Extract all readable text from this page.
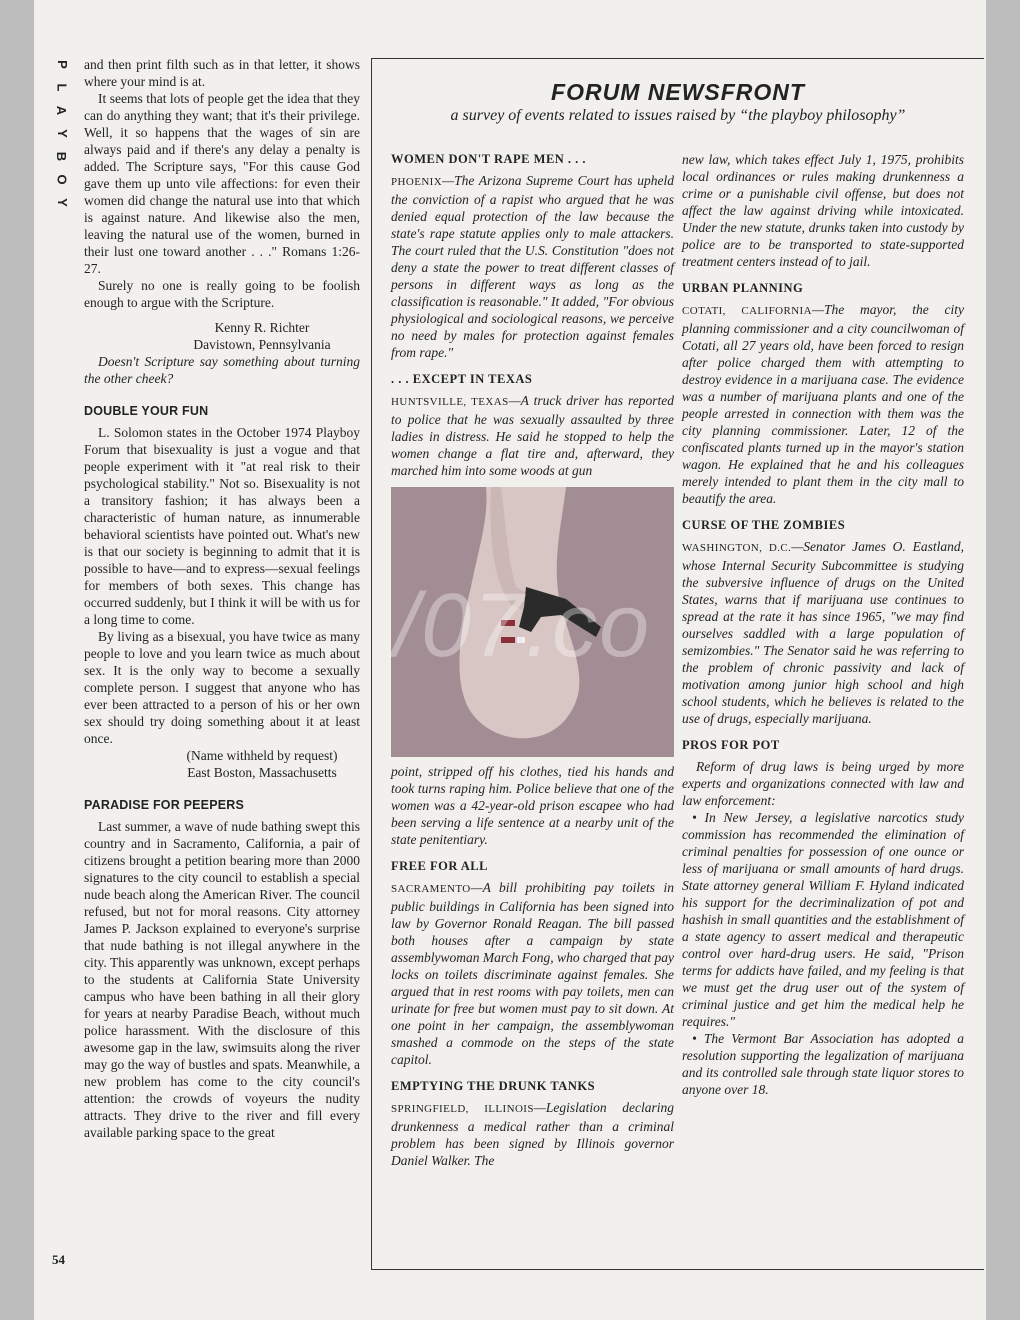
P
L
A
Y
B
O
Y
54

and then print filth such as in that letter, it shows where your mind is at.

It seems that lots of people get the idea that they can do anything they want; that it's their privilege. Well, it so happens that the wages of sin are always paid and if there's any delay a penalty is added. The Scripture says, "For this cause God gave them up unto vile affections: for even their women did change the natural use into that which is against nature. And likewise also the men, leaving the natural use of the women, burned in their lust one toward another . . ." Romans 1:26-27.

Surely no one is really going to be foolish enough to argue with the Scripture.

Kenny R. Richter
Davistown, Pennsylvania

Doesn't Scripture say something about turning the other cheek?

DOUBLE YOUR FUN

L. Solomon states in the October 1974 Playboy Forum that bisexuality is just a vogue and that people experiment with it "at real risk to their psychological stability." Not so. Bisexuality is not a transitory fashion; it has always been a characteristic of human nature, as innumerable behavioral scientists have pointed out. What's new is that our society is beginning to admit that it is possible to have—and to express—sexual feelings for members of both sexes. This change has occurred suddenly, but I think it will be with us for a long time to come.

By living as a bisexual, you have twice as many people to love and you learn twice as much about sex. It is the only way to become a sexually complete person. I suggest that anyone who has ever been attracted to a person of his or her own sex should try doing something about it at least once.

(Name withheld by request)
East Boston, Massachusetts
PARADISE FOR PEEPERS

Last summer, a wave of nude bathing swept this country and in Sacramento, California, a pair of citizens brought a petition bearing more than 2000 signatures to the city council to establish a special nude beach along the American River. The council refused, but not for moral reasons. City attorney James P. Jackson explained to everyone's surprise that nude bathing is not illegal anywhere in the city. This apparently was unknown, except perhaps to the students at California State University campus who have been bathing in all their glory for years at nearby Paradise Beach, without much police harassment. With the disclosure of this awesome gap in the law, swimsuits along the river may go the way of bustles and spats. Meanwhile, a new problem has come to the city council's attention: the crowds of voyeurs the nudity attracts. They drive to the river and fill every available parking space to the great

FORUM NEWSFRONT
a survey of events related to issues raised by “the playboy philosophy”
WOMEN DON'T RAPE MEN . . .

PHOENIX—The Arizona Supreme Court has upheld the conviction of a rapist who argued that he was denied equal protection of the law because the state's rape statute applies only to male attackers. The court ruled that the U.S. Constitution "does not deny a state the power to treat different classes of persons in different ways as long as the classification is reasonable." It added, "For obvious physiological and sociological reasons, we perceive no need by males for protection against females from rape."

. . . EXCEPT IN TEXAS

HUNTSVILLE, TEXAS—A truck driver has reported to police that he was sexually assaulted by three ladies in distress. He said he stopped to help the women change a flat tire and, afterward, they marched him into some woods at gun

point, stripped off his clothes, tied his hands and took turns raping him. Police believe that one of the women was a 42-year-old prison escapee who had been serving a life sentence at a nearby unit of the state penitentiary.

FREE FOR ALL

SACRAMENTO—A bill prohibiting pay toilets in public buildings in California has been signed into law by Governor Ronald Reagan. The bill passed both houses after a campaign by state assemblywoman March Fong, who charged that pay locks on toilets discriminate against females. She argued that in rest rooms with pay toilets, men can urinate for free but women must pay to sit down. At one point in her campaign, the assemblywoman smashed a commode on the steps of the state capitol.

EMPTYING THE DRUNK TANKS

SPRINGFIELD, ILLINOIS—Legislation declaring drunkenness a medical rather than a criminal problem has been signed by Illinois governor Daniel Walker. The

new law, which takes effect July 1, 1975, prohibits local ordinances or rules making drunkenness a crime or a punishable civil offense, but does not affect the law against driving while intoxicated. Under the new statute, drunks taken into custody by police are to be transported to state-supported treatment centers instead of to jail.

URBAN PLANNING

COTATI, CALIFORNIA—The mayor, the city planning commissioner and a city councilwoman of Cotati, all 27 years old, have been forced to resign after police charged them with attempting to destroy evidence in a marijuana case. The evidence was a number of marijuana plants and one of the people arrested in connection with them was the city planning commissioner. Later, 12 of the confiscated plants turned up in the mayor's station wagon. He explained that he and his colleagues merely intended to plant them in the city mall to beautify the area.

CURSE OF THE ZOMBIES

WASHINGTON, D.C.—Senator James O. Eastland, whose Internal Security Subcommittee is studying the subversive influence of drugs on the United States, warns that if marijuana use continues to spread at the rate it has since 1965, "we may find ourselves saddled with a large population of semizombies." The Senator said he was referring to the problem of chronic passivity and lack of motivation among junior high school and high school students, which he believes is related to the use of drugs, especially marijuana.

PROS FOR POT

Reform of drug laws is being urged by more experts and organizations connected with law and law enforcement:

• In New Jersey, a legislative narcotics study commission has recommended the elimination of criminal penalties for possession of one ounce or less of marijuana or small amounts of hard drugs. State attorney general William F. Hyland indicated his support for the decriminalization of pot and hashish in small quantities and the establishment of a state agency to assert medical and therapeutic control over hard-drug users. He said, "Prison terms for addicts have failed, and my feeling is that we must get the drug user out of the system of criminal justice and get him the medical help he requires."

• The Vermont Bar Association has adopted a resolution supporting the legalization of marijuana and its controlled sale through state liquor stores to anyone over 18.

/07.co
